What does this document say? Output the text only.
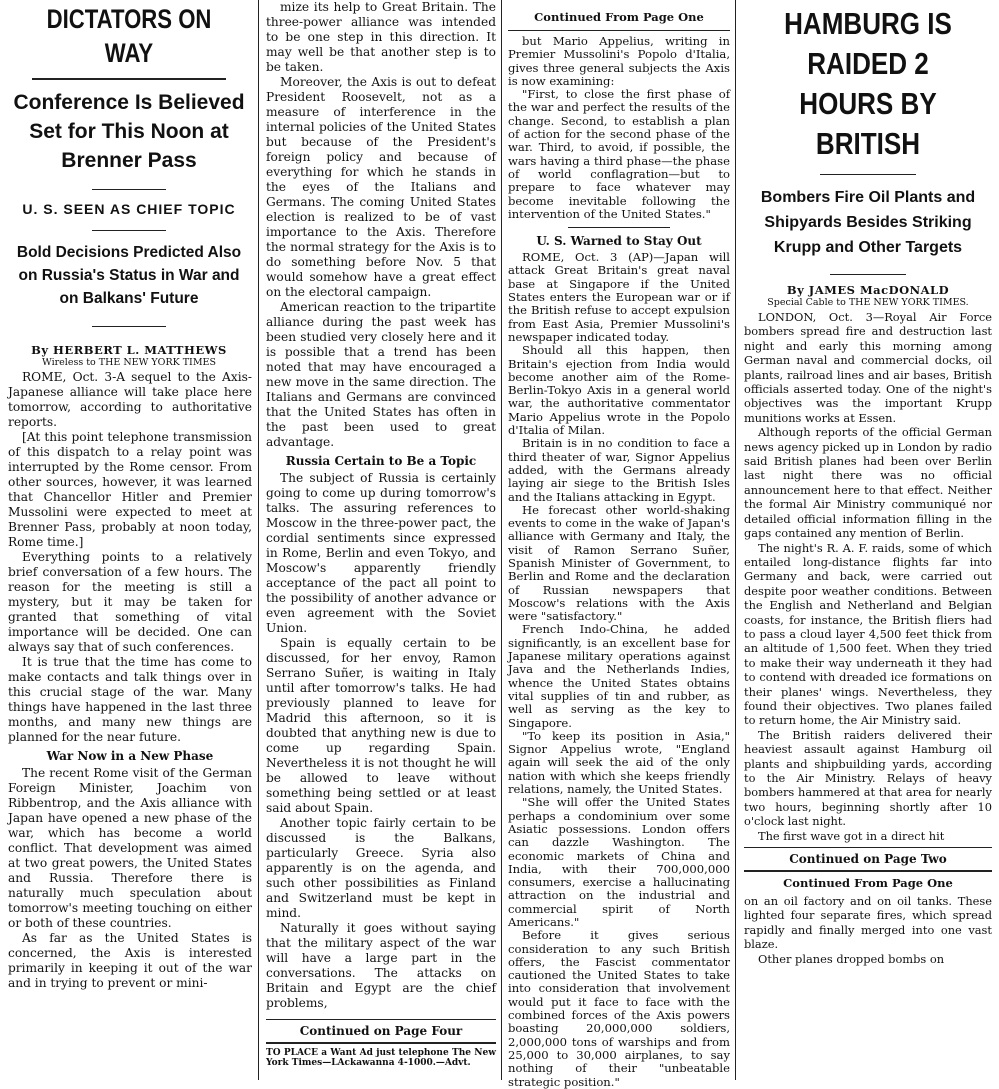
DICTATORS ON WAY
Conference Is Believed Set for This Noon at Brenner Pass
U. S. SEEN AS CHIEF TOPIC
Bold Decisions Predicted Also on Russia's Status in War and on Balkans' Future
By HERBERT L. MATTHEWS
Wireless to THE NEW YORK TIMES

ROME, Oct. 3-A sequel to the Axis-Japanese alliance will take place here tomorrow, according to authoritative reports.

[At this point telephone transmission of this dispatch to a relay point was interrupted by the Rome censor. From other sources, however, it was learned that Chancellor Hitler and Premier Mussolini were expected to meet at Brenner Pass, probably at noon today, Rome time.]

Everything points to a relatively brief conversation of a few hours. The reason for the meeting is still a mystery, but it may be taken for granted that something of vital importance will be decided. One can always say that of such conferences.

It is true that the time has come to make contacts and talk things over in this crucial stage of the war. Many things have happened in the last three months, and many new things are planned for the near future.

War Now in a New Phase

The recent Rome visit of the German Foreign Minister, Joachim von Ribbentrop, and the Axis alliance with Japan have opened a new phase of the war, which has become a world conflict. That development was aimed at two great powers, the United States and Russia. Therefore there is naturally much speculation about tomorrow's meeting touching on either or both of these countries.

As far as the United States is concerned, the Axis is interested primarily in keeping it out of the war and in trying to prevent or mini-

mize its help to Great Britain. The three-power alliance was intended to be one step in this direction. It may well be that another step is to be taken.

Moreover, the Axis is out to defeat President Roosevelt, not as a measure of interference in the internal policies of the United States but because of the President's foreign policy and because of everything for which he stands in the eyes of the Italians and Germans. The coming United States election is realized to be of vast importance to the Axis. Therefore the normal strategy for the Axis is to do something before Nov. 5 that would somehow have a great effect on the electoral campaign.

American reaction to the tripartite alliance during the past week has been studied very closely here and it is possible that a trend has been noted that may have encouraged a new move in the same direction. The Italians and Germans are convinced that the United States has often in the past been used to great advantage.

Russia Certain to Be a Topic

The subject of Russia is certainly going to come up during tomorrow's talks. The assuring references to Moscow in the three-power pact, the cordial sentiments since expressed in Rome, Berlin and even Tokyo, and Moscow's apparently friendly acceptance of the pact all point to the possibility of another advance or even agreement with the Soviet Union.

Spain is equally certain to be discussed, for her envoy, Ramon Serrano Suñer, is waiting in Italy until after tomorrow's talks. He had previously planned to leave for Madrid this afternoon, so it is doubted that anything new is due to come up regarding Spain. Nevertheless it is not thought he will be allowed to leave without something being settled or at least said about Spain.

Another topic fairly certain to be discussed is the Balkans, particularly Greece. Syria also apparently is on the agenda, and such other possibilities as Finland and Switzerland must be kept in mind.

Naturally it goes without saying that the military aspect of the war will have a large part in the conversations. The attacks on Britain and Egypt are the chief problems,

Continued on Page Four

TO PLACE a Want Ad just telephone The New York Times—LAckawanna 4-1000.—Advt.

Continued From Page One

but Mario Appelius, writing in Premier Mussolini's Popolo d'Italia, gives three general subjects the Axis is now examining:

"First, to close the first phase of the war and perfect the results of the change. Second, to establish a plan of action for the second phase of the war. Third, to avoid, if possible, the wars having a third phase—the phase of world conflagration—but to prepare to face whatever may become inevitable following the intervention of the United States."

U. S. Warned to Stay Out

ROME, Oct. 3 (AP)—Japan will attack Great Britain's great naval base at Singapore if the United States enters the European war or if the British refuse to accept expulsion from East Asia, Premier Mussolini's newspaper indicated today.

Should all this happen, then Britain's ejection from India would become another aim of the Rome-Berlin-Tokyo Axis in a general world war, the authoritative commentator Mario Appelius wrote in the Popolo d'Italia of Milan.

Britain is in no condition to face a third theater of war, Signor Appelius added, with the Germans already laying air siege to the British Isles and the Italians attacking in Egypt.

He forecast other world-shaking events to come in the wake of Japan's alliance with Germany and Italy, the visit of Ramon Serrano Suñer, Spanish Minister of Government, to Berlin and Rome and the declaration of Russian newspapers that Moscow's relations with the Axis were "satisfactory."

French Indo-China, he added significantly, is an excellent base for Japanese military operations against Java and the Netherlands Indies, whence the United States obtains vital supplies of tin and rubber, as well as serving as the key to Singapore.

"To keep its position in Asia," Signor Appelius wrote, "England again will seek the aid of the only nation with which she keeps friendly relations, namely, the United States.

"She will offer the United States perhaps a condominium over some Asiatic possessions. London offers can dazzle Washington. The economic markets of China and India, with their 700,000,000 consumers, exercise a hallucinating attraction on the industrial and commercial spirit of North Americans."

Before it gives serious consideration to any such British offers, the Fascist commentator cautioned the United States to take into consideration that involvement would put it face to face with the combined forces of the Axis powers boasting 20,000,000 soldiers, 2,000,000 tons of warships and from 25,000 to 30,000 airplanes, to say nothing of their "unbeatable strategic position."

HAMBURG IS RAIDED 2 HOURS BY BRITISH
Bombers Fire Oil Plants and Shipyards Besides Striking Krupp and Other Targets
By JAMES MacDONALD
Special Cable to THE NEW YORK TIMES.

LONDON, Oct. 3—Royal Air Force bombers spread fire and destruction last night and early this morning among German naval and commercial docks, oil plants, railroad lines and air bases, British officials asserted today. One of the night's objectives was the important Krupp munitions works at Essen.

Although reports of the official German news agency picked up in London by radio said British planes had been over Berlin last night there was no official announcement here to that effect. Neither the formal Air Ministry communiqué nor detailed official information filling in the gaps contained any mention of Berlin.

The night's R. A. F. raids, some of which entailed long-distance flights far into Germany and back, were carried out despite poor weather conditions. Between the English and Netherland and Belgian coasts, for instance, the British fliers had to pass a cloud layer 4,500 feet thick from an altitude of 1,500 feet. When they tried to make their way underneath it they had to contend with dreaded ice formations on their planes' wings. Nevertheless, they found their objectives. Two planes failed to return home, the Air Ministry said.

The British raiders delivered their heaviest assault against Hamburg oil plants and shipbuilding yards, according to the Air Ministry. Relays of heavy bombers hammered at that area for nearly two hours, beginning shortly after 10 o'clock last night.

The first wave got in a direct hit

Continued on Page Two
Continued From Page One

on an oil factory and on oil tanks. These lighted four separate fires, which spread rapidly and finally merged into one vast blaze.

Other planes dropped bombs on
